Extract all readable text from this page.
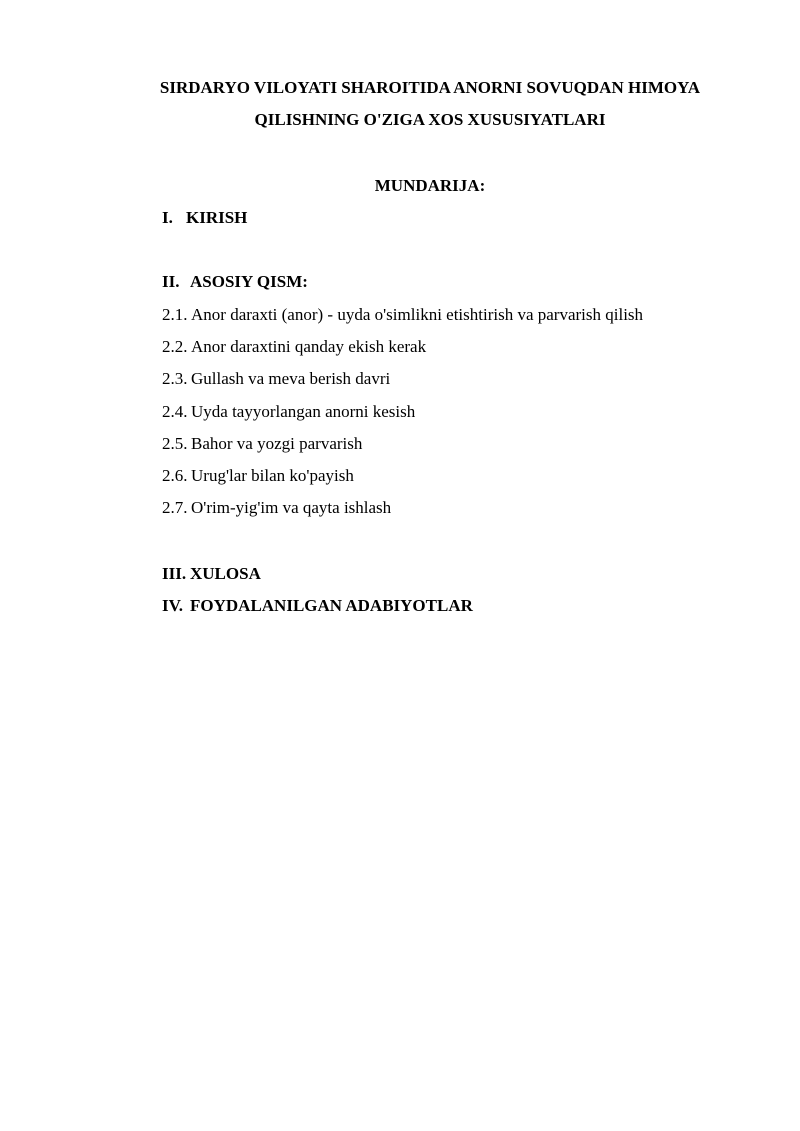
SIRDARYO VILOYATI SHAROITIDA ANORNI SOVUQDAN HIMOYA
QILISHNING O'ZIGA XOS XUSUSIYATLARI
MUNDARIJA:
I. KIRISH
II. ASOSIY QISM:
2.1. Anor daraxti (anor) - uyda o'simlikni etishtirish va parvarish qilish
2.2. Anor daraxtini qanday ekish kerak
2.3. Gullash va meva berish davri
2.4. Uyda tayyorlangan anorni kesish
2.5. Bahor va yozgi parvarish
2.6. Urug'lar bilan ko'payish
2.7. O'rim-yig'im va qayta ishlash
III. XULOSA
IV. FOYDALANILGAN ADABIYOTLAR
